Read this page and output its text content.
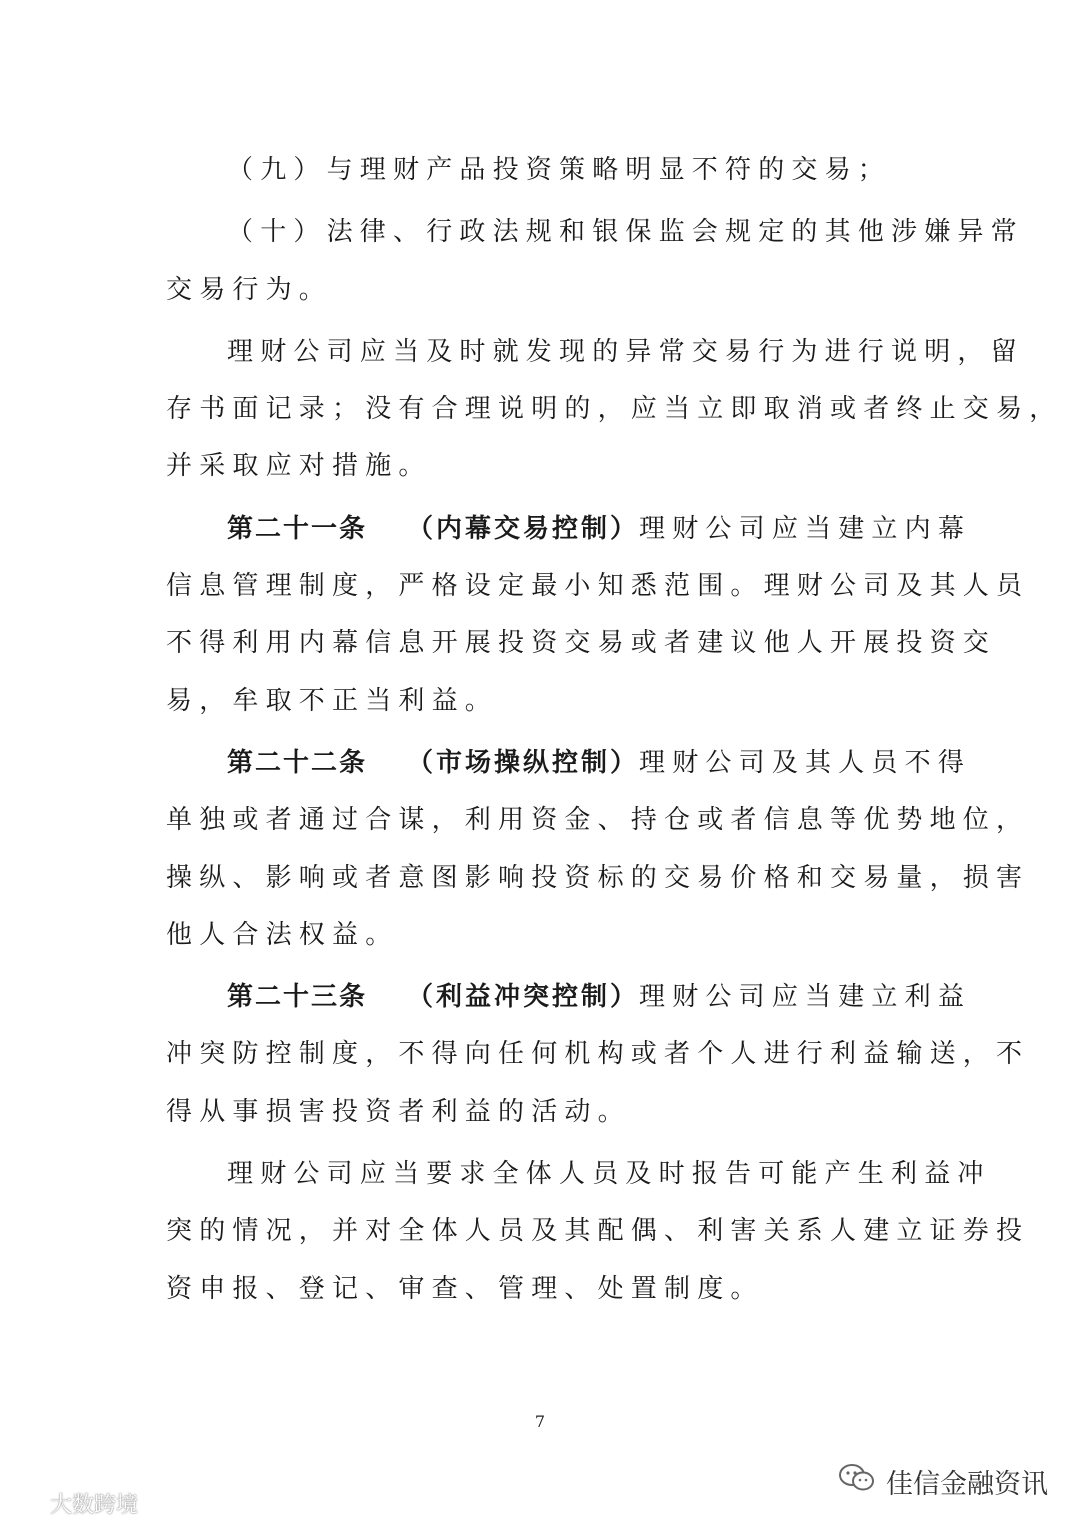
（九）与理财产品投资策略明显不符的交易；

（十）法律、行政法规和银保监会规定的其他涉嫌异常
交易行为。

理财公司应当及时就发现的异常交易行为进行说明，留
存书面记录；没有合理说明的，应当立即取消或者终止交易，
并采取应对措施。

第二十一条 （内幕交易控制）理财公司应当建立内幕
信息管理制度，严格设定最小知悉范围。理财公司及其人员
不得利用内幕信息开展投资交易或者建议他人开展投资交
易，牟取不正当利益。

第二十二条 （市场操纵控制）理财公司及其人员不得
单独或者通过合谋，利用资金、持仓或者信息等优势地位，
操纵、影响或者意图影响投资标的交易价格和交易量，损害
他人合法权益。

第二十三条 （利益冲突控制）理财公司应当建立利益
冲突防控制度，不得向任何机构或者个人进行利益输送，不
得从事损害投资者利益的活动。

理财公司应当要求全体人员及时报告可能产生利益冲
突的情况，并对全体人员及其配偶、利害关系人建立证券投
资申报、登记、审查、管理、处置制度。

7
大数跨境
佳信金融资讯
